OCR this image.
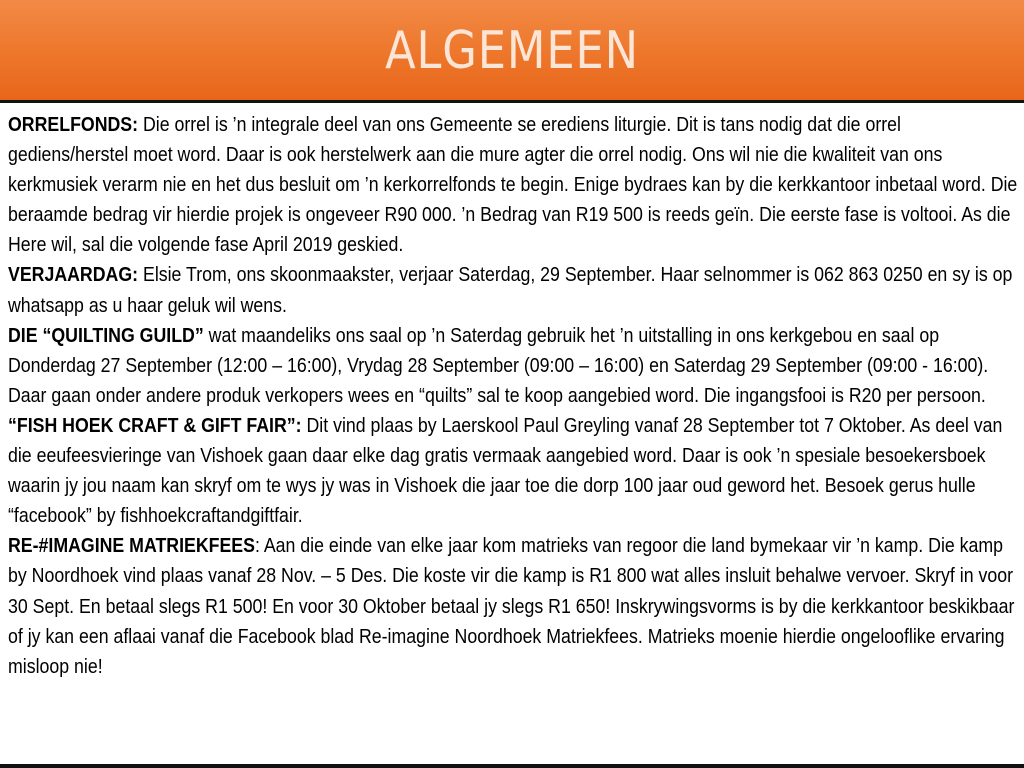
ALGEMEEN

ORRELFONDS: Die orrel is ’n integrale deel van ons Gemeente se erediens liturgie. Dit is tans nodig dat die orrel gediens/herstel moet word. Daar is ook herstelwerk aan die mure agter die orrel nodig. Ons wil nie die kwaliteit van ons kerkmusiek verarm nie en het dus besluit om ’n kerkorrelfonds te begin. Enige bydraes kan by die kerkkantoor inbetaal word. Die beraamde bedrag vir hierdie projek is ongeveer R90 000. ’n Bedrag van R19 500 is reeds geïn. Die eerste fase is voltooi. As die Here wil, sal die volgende fase April 2019 geskied.

VERJAARDAG: Elsie Trom, ons skoonmaakster, verjaar Saterdag, 29 September. Haar selnommer is 062 863 0250 en sy is op whatsapp as u haar geluk wil wens.

DIE “QUILTING GUILD” wat maandeliks ons saal op ’n Saterdag gebruik het ’n uitstalling in ons kerkgebou en saal op Donderdag 27 September (12:00 – 16:00), Vrydag 28 September (09:00 – 16:00) en Saterdag 29 September (09:00 - 16:00). Daar gaan onder andere produk verkopers wees en “quilts” sal te koop aangebied word. Die ingangsfooi is R20 per persoon.

“FISH HOEK CRAFT & GIFT FAIR”: Dit vind plaas by Laerskool Paul Greyling vanaf 28 September tot 7 Oktober. As deel van die eeufeesvieringe van Vishoek gaan daar elke dag gratis vermaak aangebied word. Daar is ook ’n spesiale besoekersboek waarin jy jou naam kan skryf om te wys jy was in Vishoek die jaar toe die dorp 100 jaar oud geword het. Besoek gerus hulle “facebook” by fishhoekcraftandgiftfair.

RE-#IMAGINE MATRIEKFEES: Aan die einde van elke jaar kom matrieks van regoor die land bymekaar vir ’n kamp. Die kamp by Noordhoek vind plaas vanaf 28 Nov. – 5 Des. Die koste vir die kamp is R1 800 wat alles insluit behalwe vervoer. Skryf in voor 30 Sept. En betaal slegs R1 500! En voor 30 Oktober betaal jy slegs R1 650! Inskrywingsvorms is by die kerkkantoor beskikbaar of jy kan een aflaai vanaf die Facebook blad Re-imagine Noordhoek Matriekfees. Matrieks moenie hierdie ongelooflike ervaring misloop nie!
